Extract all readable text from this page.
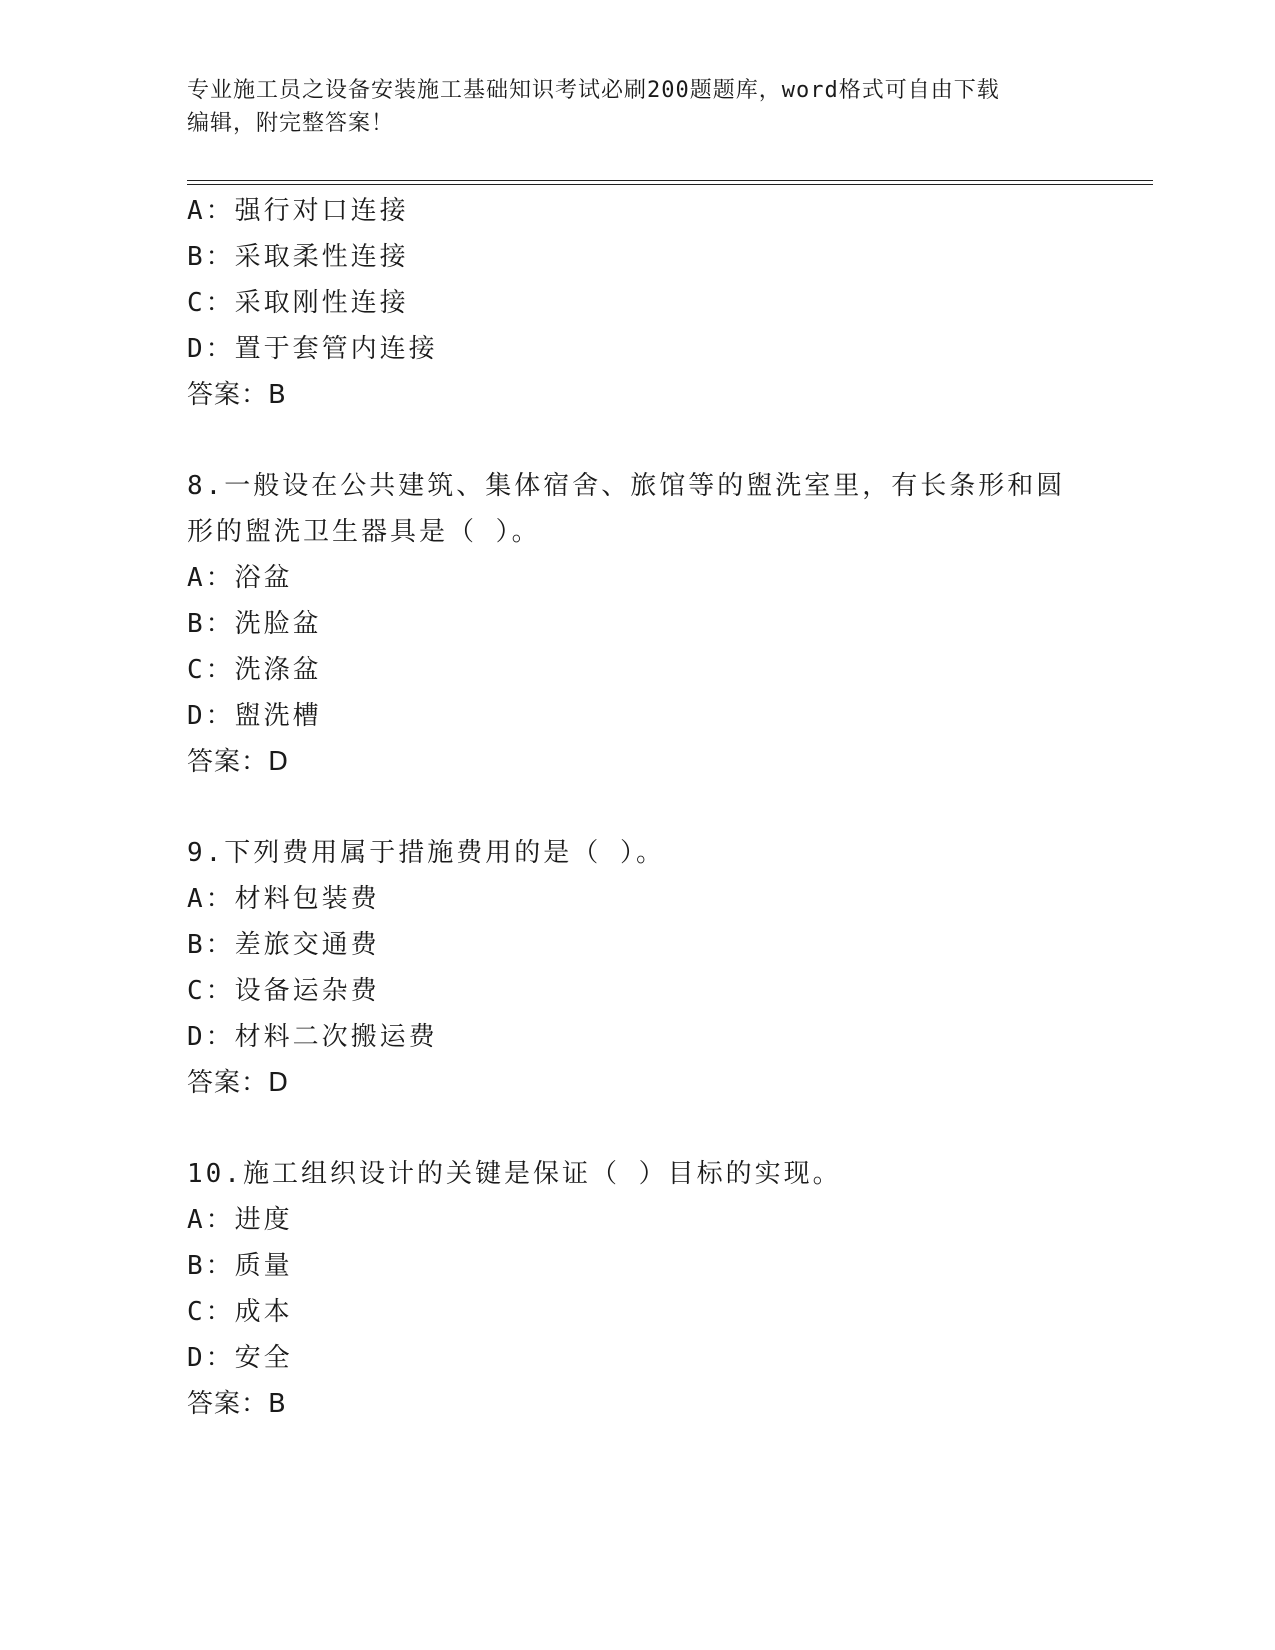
专业施工员之设备安装施工基础知识考试必刷200题题库，word格式可自由下载
编辑，附完整答案！
A：强行对口连接
B：采取柔性连接
C：采取刚性连接
D：置于套管内连接
答案：B
8.一般设在公共建筑、集体宿舍、旅馆等的盥洗室里，有长条形和圆
形的盥洗卫生器具是（ ）。
A：浴盆
B：洗脸盆
C：洗涤盆
D：盥洗槽
答案：D
9.下列费用属于措施费用的是（ ）。
A：材料包装费
B：差旅交通费
C：设备运杂费
D：材料二次搬运费
答案：D
10.施工组织设计的关键是保证（ ）目标的实现。
A：进度
B：质量
C：成本
D：安全
答案：B
